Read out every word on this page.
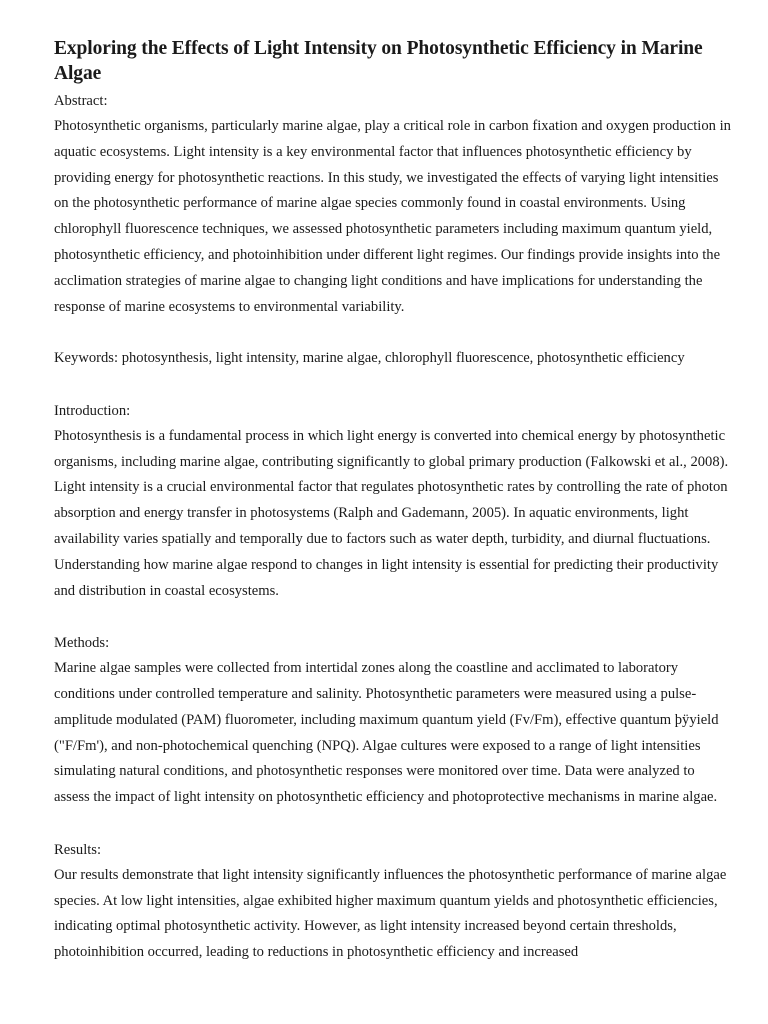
Exploring the Effects of Light Intensity on Photosynthetic Efficiency in Marine Algae

Abstract:

Photosynthetic organisms, particularly marine algae, play a critical role in carbon fixation and oxygen production in aquatic ecosystems. Light intensity is a key environmental factor that influences photosynthetic efficiency by providing energy for photosynthetic reactions. In this study, we investigated the effects of varying light intensities on the photosynthetic performance of marine algae species commonly found in coastal environments. Using chlorophyll fluorescence techniques, we assessed photosynthetic parameters including maximum quantum yield, photosynthetic efficiency, and photoinhibition under different light regimes. Our findings provide insights into the acclimation strategies of marine algae to changing light conditions and have implications for understanding the response of marine ecosystems to environmental variability.

Keywords: photosynthesis, light intensity, marine algae, chlorophyll fluorescence, photosynthetic efficiency

Introduction:

Photosynthesis is a fundamental process in which light energy is converted into chemical energy by photosynthetic organisms, including marine algae, contributing significantly to global primary production (Falkowski et al., 2008). Light intensity is a crucial environmental factor that regulates photosynthetic rates by controlling the rate of photon absorption and energy transfer in photosystems (Ralph and Gademann, 2005). In aquatic environments, light availability varies spatially and temporally due to factors such as water depth, turbidity, and diurnal fluctuations. Understanding how marine algae respond to changes in light intensity is essential for predicting their productivity and distribution in coastal ecosystems.

Methods:

Marine algae samples were collected from intertidal zones along the coastline and acclimated to laboratory conditions under controlled temperature and salinity. Photosynthetic parameters were measured using a pulse-amplitude modulated (PAM) fluorometer, including maximum quantum yield (Fv/Fm), effective quantum þÿyield ("F/Fm'), and non-photochemical quenching (NPQ). Algae cultures were exposed to a range of light intensities simulating natural conditions, and photosynthetic responses were monitored over time. Data were analyzed to assess the impact of light intensity on photosynthetic efficiency and photoprotective mechanisms in marine algae.

Results:

Our results demonstrate that light intensity significantly influences the photosynthetic performance of marine algae species. At low light intensities, algae exhibited higher maximum quantum yields and photosynthetic efficiencies, indicating optimal photosynthetic activity. However, as light intensity increased beyond certain thresholds, photoinhibition occurred, leading to reductions in photosynthetic efficiency and increased
